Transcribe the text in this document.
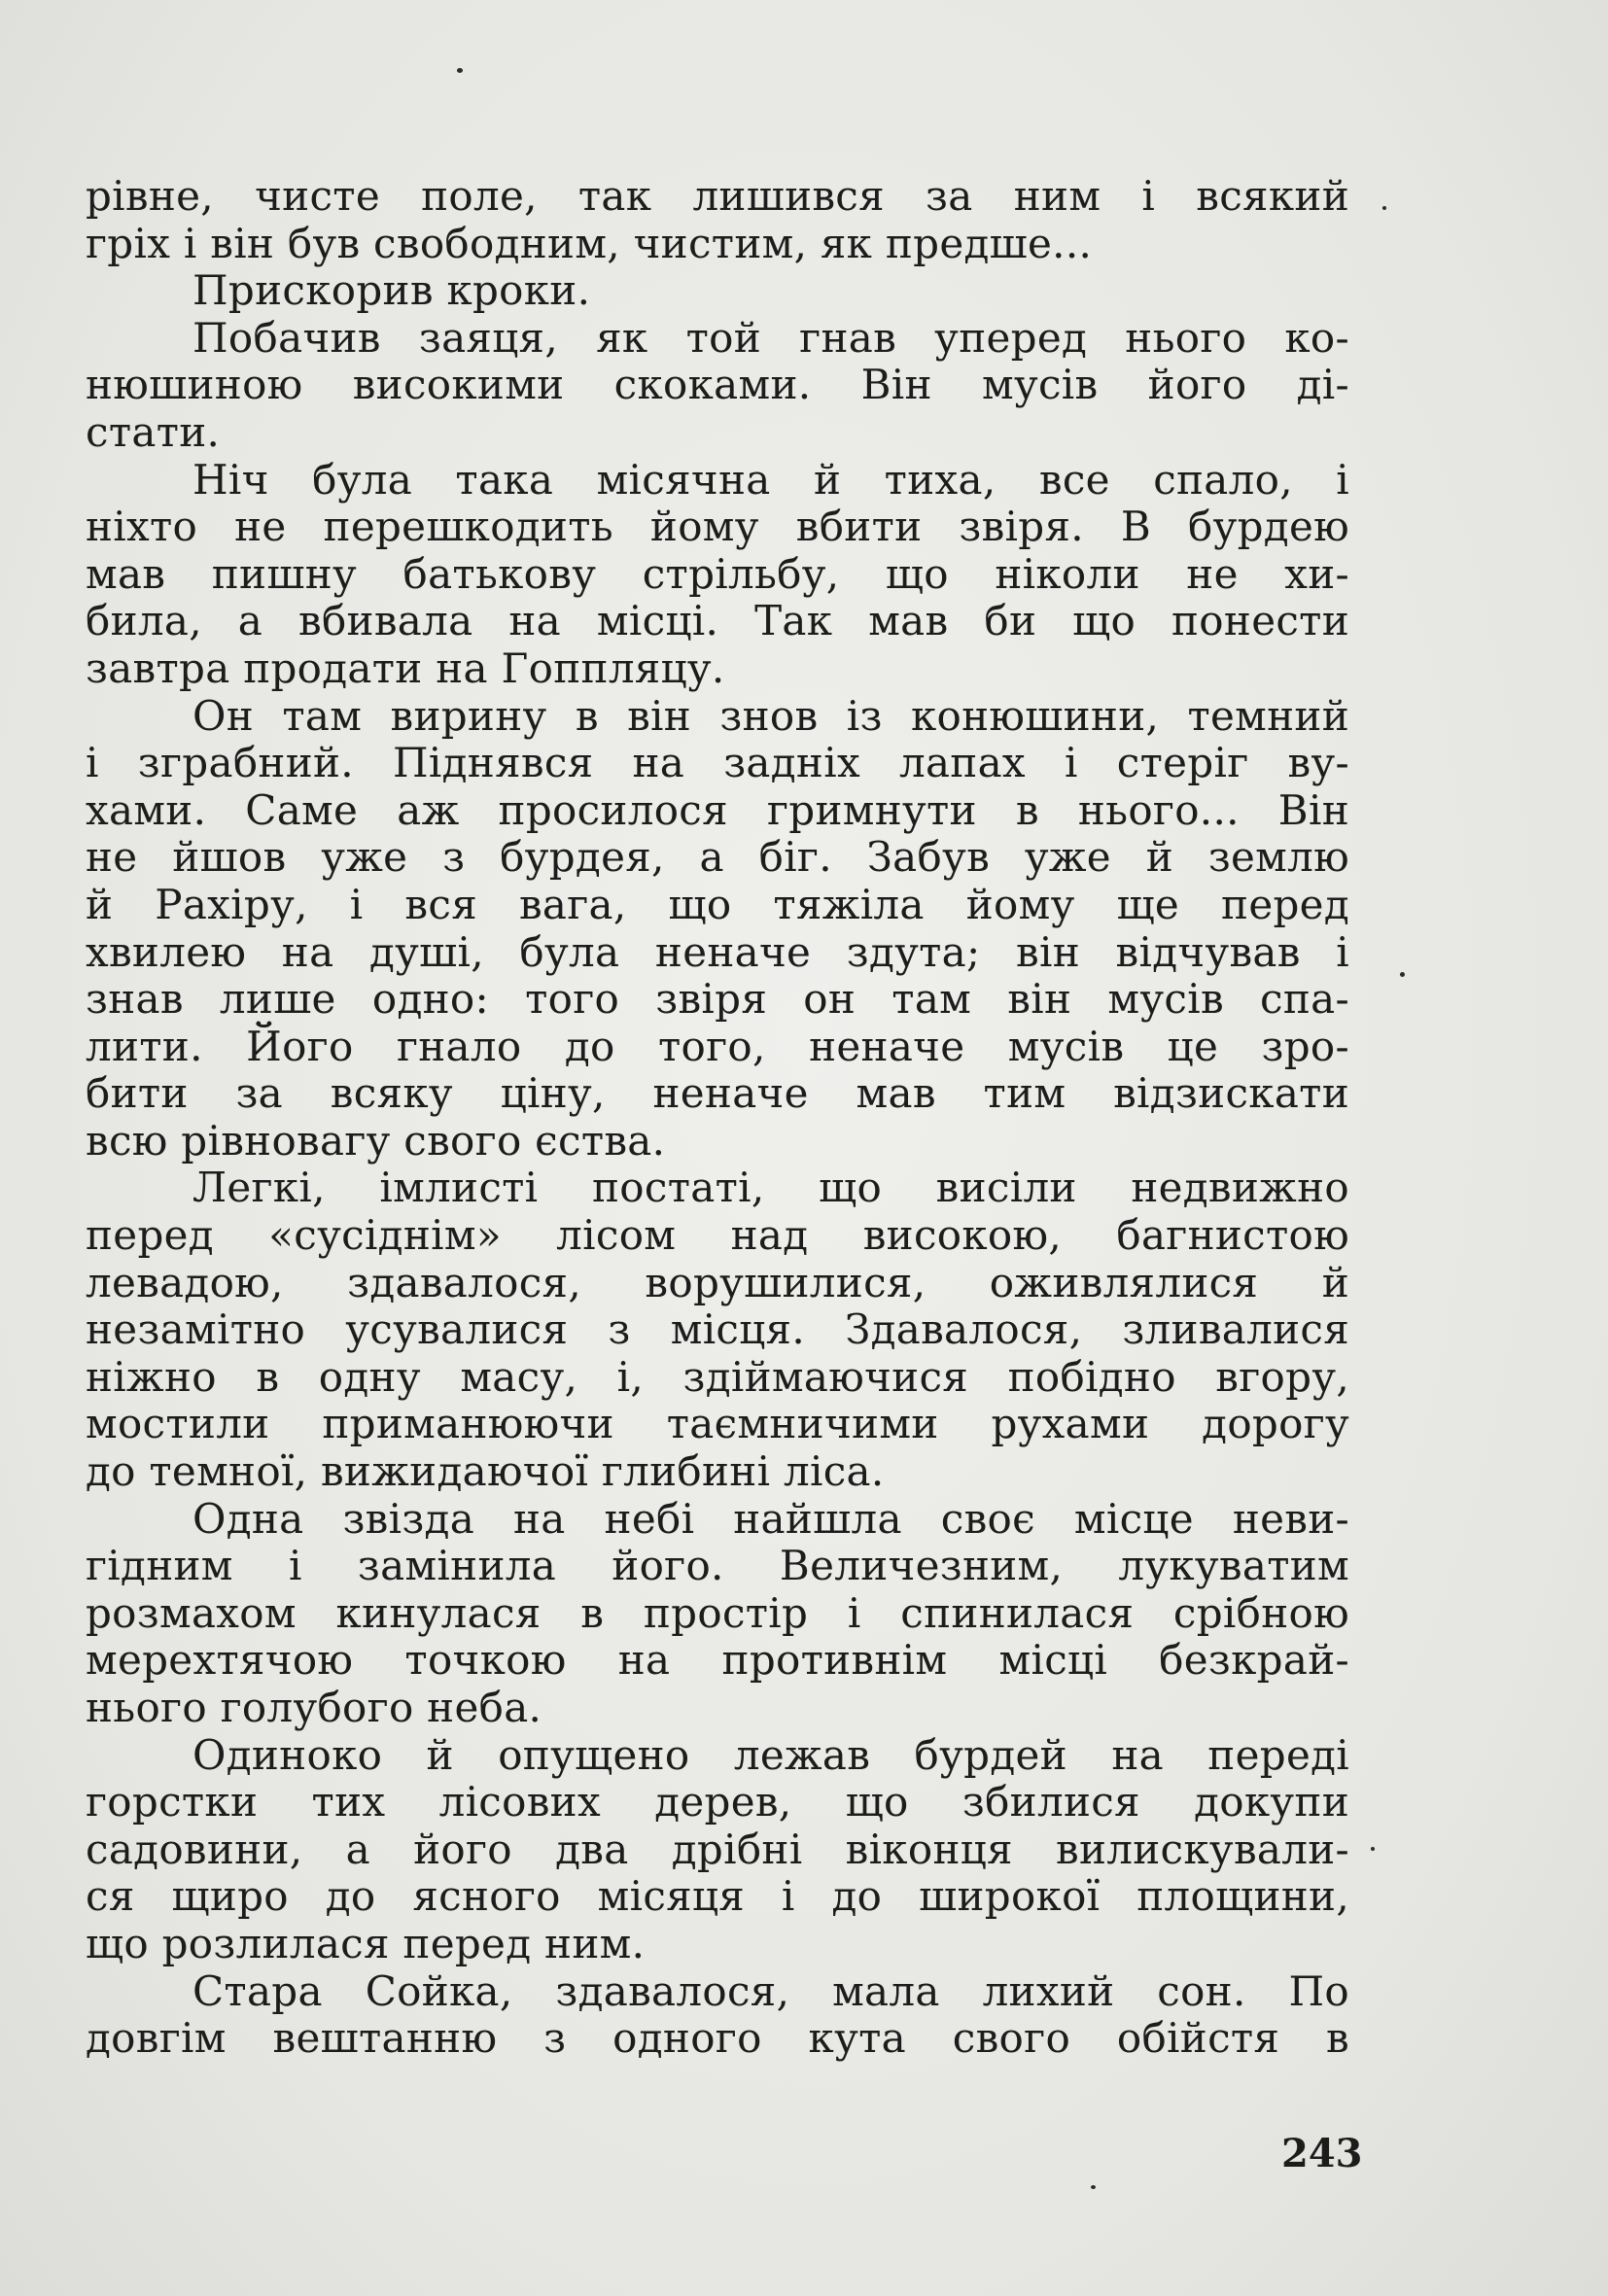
рівне, чисте поле, так лишився за ним і всякий
гріх і він був свободним, чистим, як предше...
Прискорив кроки.
Побачив заяця, як той гнав уперед нього ко-
нюшиною високими скоками. Він мусів його ді-
стати.
Ніч була така місячна й тиха, все спало, і
ніхто не перешкодить йому вбити звіря. В бурдею
мав пишну батькову стрільбу, що ніколи не хи-
била, а вбивала на місці. Так мав би що понести
завтра продати на Гоппляцу.
Он там вирину в він знов із конюшини, темний
і зграбний. Піднявся на задніх лапах і стеріг ву-
хами. Саме аж просилося гримнути в нього... Він
не йшов уже з бурдея, а біг. Забув уже й землю
й Рахіру, і вся вага, що тяжіла йому ще перед
хвилею на душі, була неначе здута; він відчував і
знав лише одно: того звіря он там він мусів спа-
лити. Його гнало до того, неначе мусів це зро-
бити за всяку ціну, неначе мав тим відзискати
всю рівновагу свого єства.
Легкі, імлисті постаті, що висіли недвижно
перед «сусіднім» лісом над високою, багнистою
левадою, здавалося, ворушилися, оживлялися й
незамітно усувалися з місця. Здавалося, зливалися
ніжно в одну масу, і, здіймаючися побідно вгору,
мостили приманюючи таємничими рухами дорогу
до темної, вижидаючої глибині ліса.
Одна звізда на небі найшла своє місце неви-
гідним і замінила його. Величезним, лукуватим
розмахом кинулася в простір і спинилася срібною
мерехтячою точкою на противнім місці безкрай-
нього голубого неба.
Одиноко й опущено лежав бурдей на переді
горстки тих лісових дерев, що збилися докупи
садовини, а його два дрібні віконця вилискували-
ся щиро до ясного місяця і до широкої площини,
що розлилася перед ним.
Стара Сойка, здавалося, мала лихий сон. По
довгім вештанню з одного кута свого обійстя в
243
